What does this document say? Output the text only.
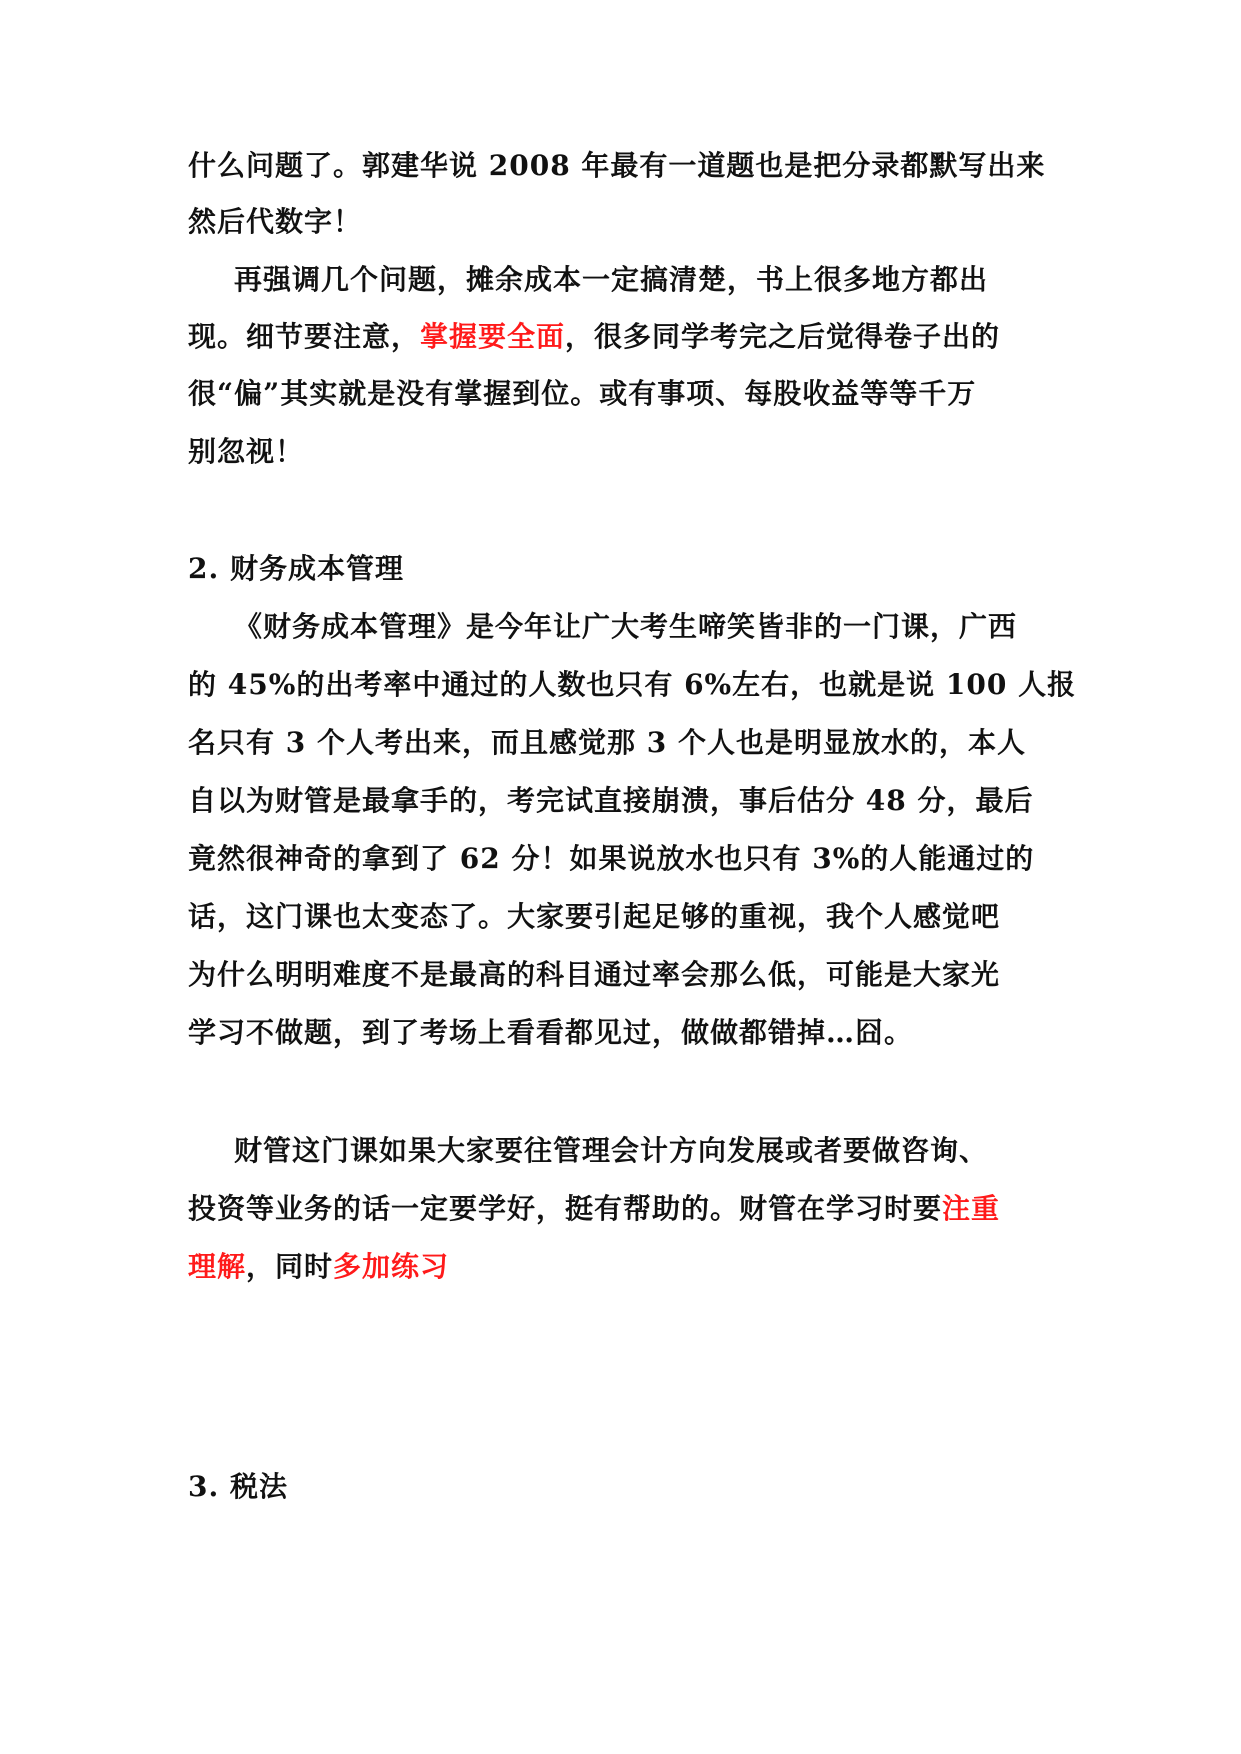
什么问题了。郭建华说 2008 年最有一道题也是把分录都默写出来
然后代数字！
再强调几个问题，摊余成本一定搞清楚，书上很多地方都出
现。细节要注意，掌握要全面，很多同学考完之后觉得卷子出的
很“偏”其实就是没有掌握到位。或有事项、每股收益等等千万
别忽视！
2. 财务成本管理
《财务成本管理》是今年让广大考生啼笑皆非的一门课，广西
的 45%的出考率中通过的人数也只有 6%左右，也就是说 100 人报
名只有 3 个人考出来，而且感觉那 3 个人也是明显放水的，本人
自以为财管是最拿手的，考完试直接崩溃，事后估分 48 分，最后
竟然很神奇的拿到了 62 分！如果说放水也只有 3%的人能通过的
话，这门课也太变态了。大家要引起足够的重视，我个人感觉吧
为什么明明难度不是最高的科目通过率会那么低，可能是大家光
学习不做题，到了考场上看看都见过，做做都错掉…囧。
财管这门课如果大家要往管理会计方向发展或者要做咨询、
投资等业务的话一定要学好，挺有帮助的。财管在学习时要注重
理解，同时多加练习
3. 税法
